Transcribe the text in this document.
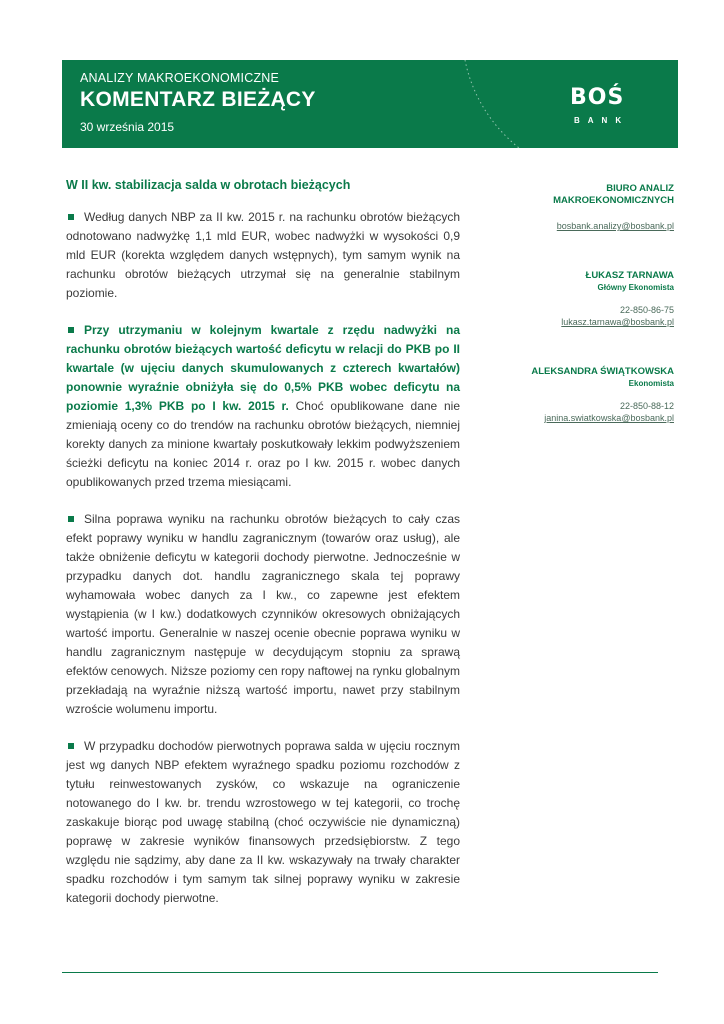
ANALIZY MAKROEKONOMICZNE
KOMENTARZ BIEŻĄCY
30 września 2015
BOŚ
BANK
W II kw. stabilizacja salda w obrotach bieżących

Według danych NBP za II kw. 2015 r. na rachunku obrotów bieżących odnotowano nadwyżkę 1,1 mld EUR, wobec nadwyżki w wysokości 0,9 mld EUR (korekta względem danych wstępnych), tym samym wynik na rachunku obrotów bieżących utrzymał się na generalnie stabilnym poziomie.

Przy utrzymaniu w kolejnym kwartale z rzędu nadwyżki na rachunku obrotów bieżących wartość deficytu w relacji do PKB po II kwartale (w ujęciu danych skumulowanych z czterech kwartałów) ponownie wyraźnie obniżyła się do 0,5% PKB wobec deficytu na poziomie 1,3% PKB po I kw. 2015 r. Choć opublikowane dane nie zmieniają oceny co do trendów na rachunku obrotów bieżących, niemniej korekty danych za minione kwartały poskutkowały lekkim podwyższeniem ścieżki deficytu na koniec 2014 r. oraz po I kw. 2015 r. wobec danych opublikowanych przed trzema miesiącami.

Silna poprawa wyniku na rachunku obrotów bieżących to cały czas efekt poprawy wyniku w handlu zagranicznym (towarów oraz usług), ale także obniżenie deficytu w kategorii dochody pierwotne. Jednocześnie w przypadku danych dot. handlu zagranicznego skala tej poprawy wyhamowała wobec danych za I kw., co zapewne jest efektem wystąpienia (w I kw.) dodatkowych czynników okresowych obniżających wartość importu. Generalnie w naszej ocenie obecnie poprawa wyniku w handlu zagranicznym następuje w decydującym stopniu za sprawą efektów cenowych. Niższe poziomy cen ropy naftowej na rynku globalnym przekładają na wyraźnie niższą wartość importu, nawet przy stabilnym wzroście wolumenu importu.

W przypadku dochodów pierwotnych poprawa salda w ujęciu rocznym jest wg danych NBP efektem wyraźnego spadku poziomu rozchodów z tytułu reinwestowanych zysków, co wskazuje na ograniczenie notowanego do I kw. br. trendu wzrostowego w tej kategorii, co trochę zaskakuje biorąc pod uwagę stabilną (choć oczywiście nie dynamiczną) poprawę w zakresie wyników finansowych przedsiębiorstw. Z tego względu nie sądzimy, aby dane za II kw. wskazywały na trwały charakter spadku rozchodów i tym samym tak silnej poprawy wyniku w zakresie kategorii dochody pierwotne.

BIURO ANALIZ
MAKROEKONOMICZNYCH
bosbank.analizy@bosbank.pl
ŁUKASZ TARNAWA
Główny Ekonomista
22-850-86-75
lukasz.tarnawa@bosbank.pl
ALEKSANDRA ŚWIĄTKOWSKA
Ekonomista
22-850-88-12
janina.swiatkowska@bosbank.pl
